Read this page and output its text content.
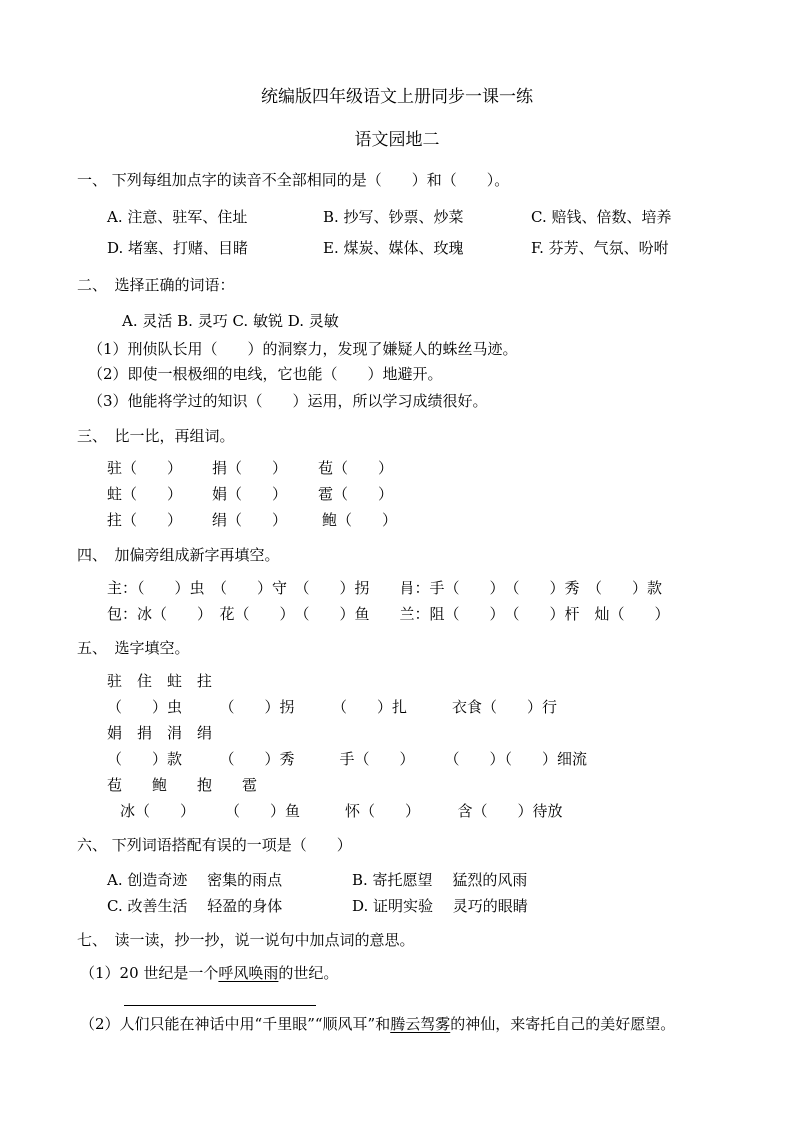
统编版四年级语文上册同步一课一练
语文园地二
一、 下列每组加点字的读音不全部相同的是（　　）和（　　）。
A. 注意、驻军、住址	B. 抄写、钞票、炒菜	C. 赔钱、倍数、培养
D. 堵塞、打赌、目睹	E. 煤炭、媒体、玫瑰	F. 芬芳、气氛、吩咐
二、　选择正确的词语：
A. 灵活 B. 灵巧 C. 敏锐 D. 灵敏
（1）刑侦队长用（　　）的洞察力，发现了嫌疑人的蛛丝马迹。
（2）即使一根极细的电线，它也能（　　）地避开。
（3）他能将学过的知识（　　）运用，所以学习成绩很好。
三、　比一比，再组词。
驻（　　） 捐（　　） 苞（　　）
蛀（　　） 娟（　　） 雹（　　）
拄（　　） 绢（　　） 鲍（　　）
四、　加偏旁组成新字再填空。
主：（　　）虫　（　　）守　（　　）拐　　肙：手（　　）　（　　）秀　（　　）款
包：冰（　　）　花（　　）　（　　）鱼　　兰：阻（　　）　（　　）杆　灿（　　）
五、　选字填空。
驻　住　蛀　拄
（　　）虫　　　（　　）拐　　　（　　）扎　　　衣食（　　）行
娟　捐　涓　绢
（　　）款　　　（　　）秀　　　手（　　）　　　（　　）（　　）细流
苞　　鲍　　抱　　雹
冰（　　）　　　（　　）鱼　　　怀（　　）　　　含（　　）待放
六、 下列词语搭配有误的一项是（　　）
A. 创造奇迹　 密集的雨点	B. 寄托愿望　 猛烈的风雨
C. 改善生活　 轻盈的身体	D. 证明实验　 灵巧的眼睛
七、　读一读，抄一抄，说一说句中加点词的意思。
（1）20 世纪是一个呼风唤雨的世纪。
（2）人们只能在神话中用“千里眼”“顺风耳”和腾云驾雾的神仙，来寄托自己的美好愿望。
